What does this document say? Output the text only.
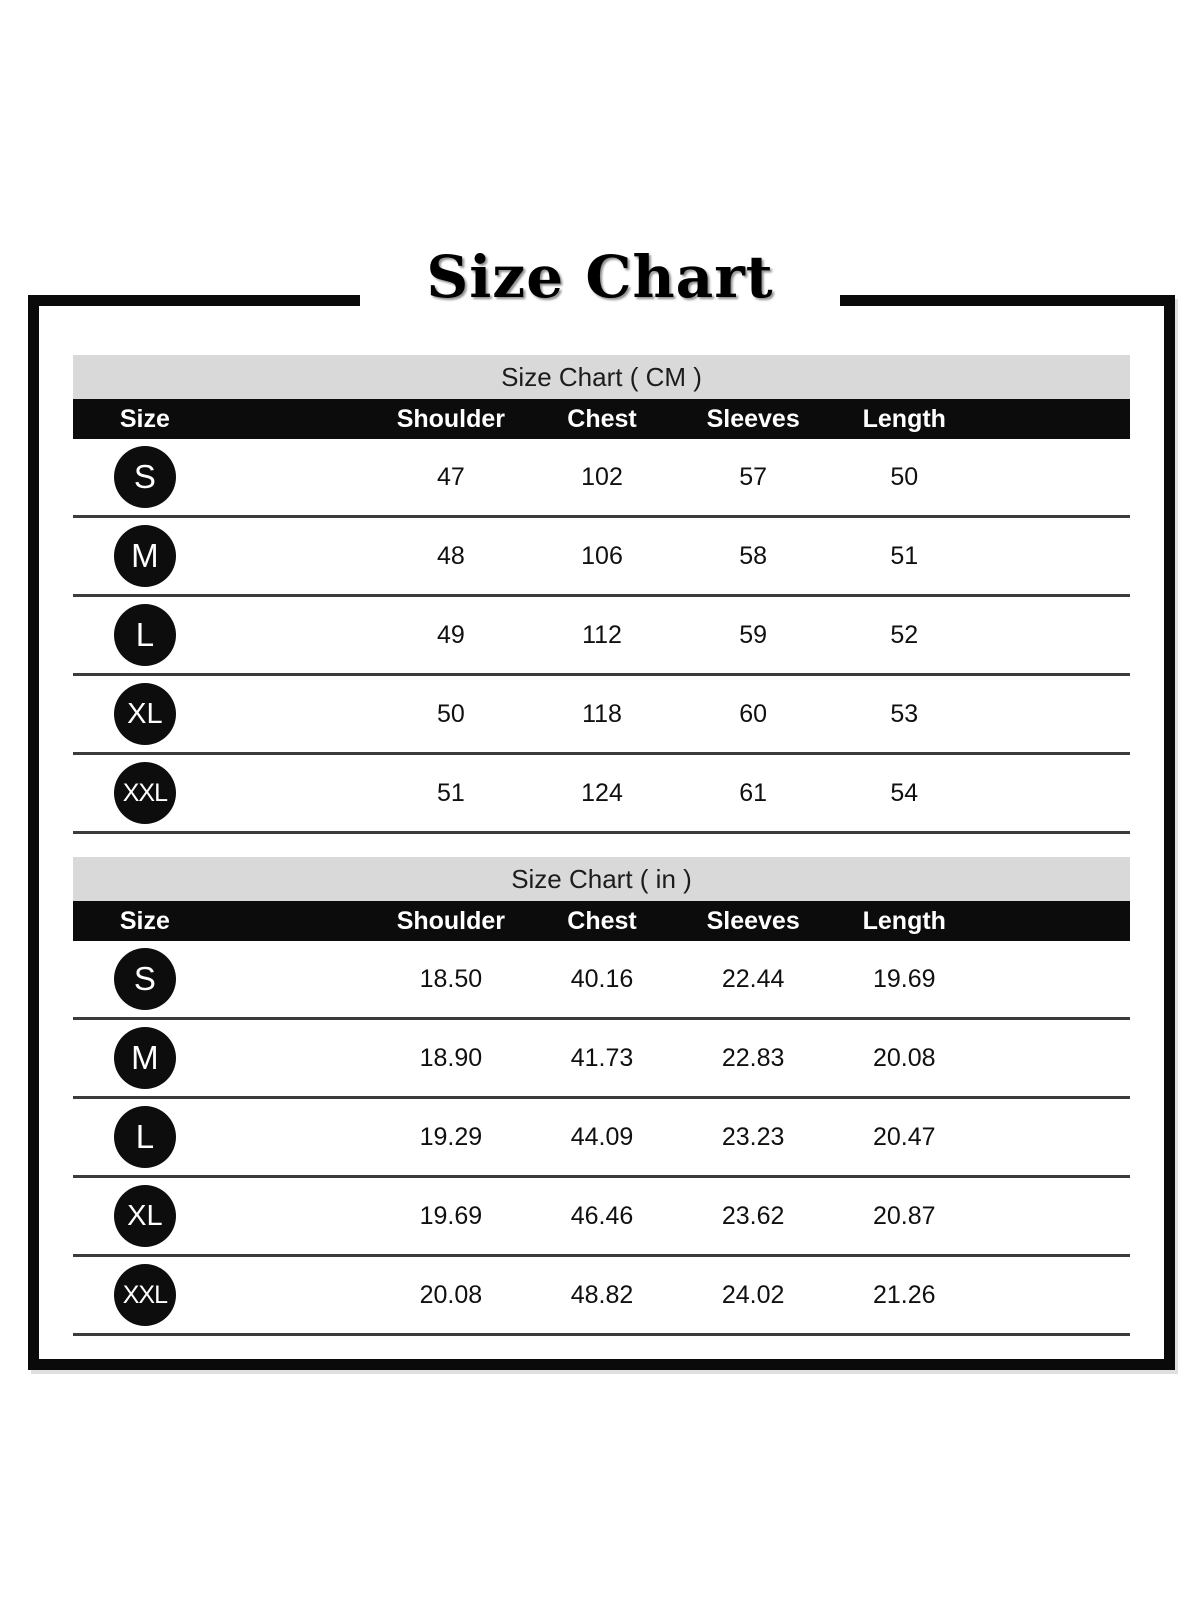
Size Chart
Size Chart ( CM )						
Size		Shoulder	Chest	Sleeves	Length	

S		47	102	57	50	

M		48	106	58	51	

L		49	112	59	52	

XL		50	118	60	53	

XXL		51	124	61	54	
Size Chart ( in )						
Size		Shoulder	Chest	Sleeves	Length	

S		18.50	40.16	22.44	19.69	

M		18.90	41.73	22.83	20.08	

L		19.29	44.09	23.23	20.47	

XL		19.69	46.46	23.62	20.87	

XXL		20.08	48.82	24.02	21.26	
